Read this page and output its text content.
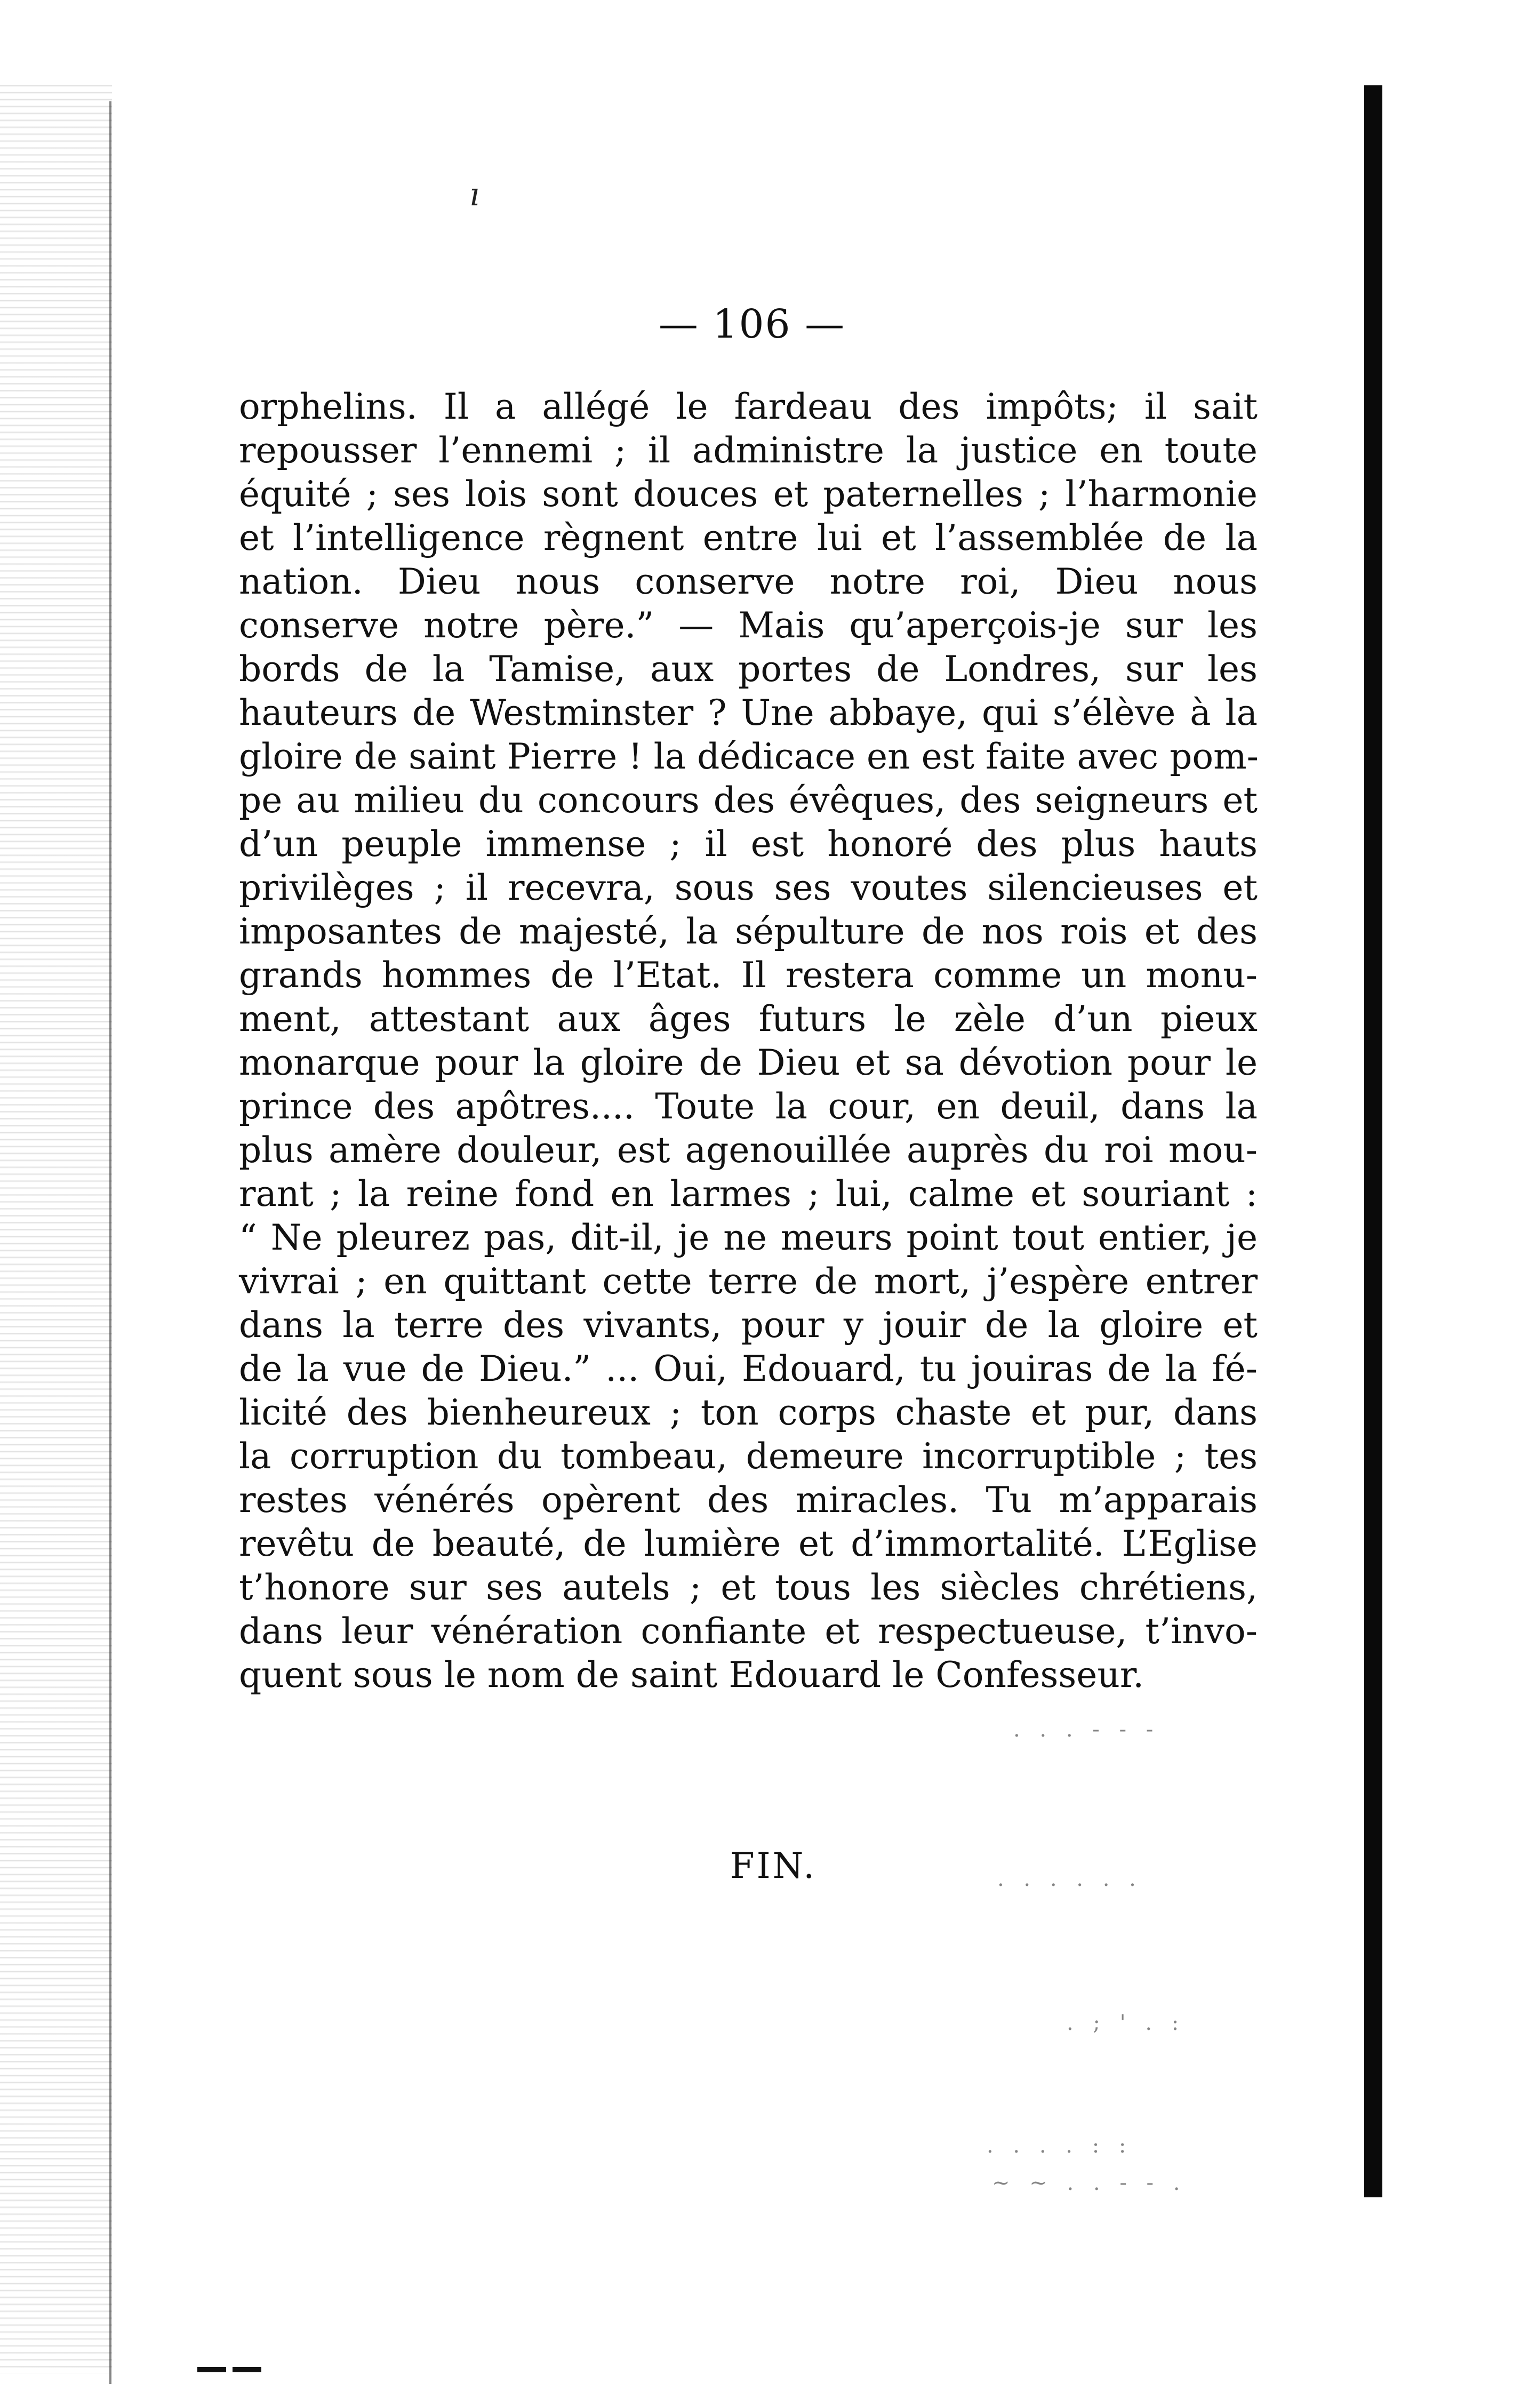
ı
— 106 —
orphelins. Il a allégé le fardeau des impôts; il sait
repousser l’ennemi ; il administre la justice en toute
équité ; ses lois sont douces et paternelles ; l’harmonie
et l’intelligence règnent entre lui et l’assemblée de la
nation. Dieu nous conserve notre roi, Dieu nous
conserve notre père.” — Mais qu’aperçois-je sur les
bords de la Tamise, aux portes de Londres, sur les
hauteurs de Westminster ? Une abbaye, qui s’élève à la
gloire de saint Pierre ! la dédicace en est faite avec pom-
pe au milieu du concours des évêques, des seigneurs et
d’un peuple immense ; il est honoré des plus hauts
privilèges ; il recevra, sous ses voutes silencieuses et
imposantes de majesté, la sépulture de nos rois et des
grands hommes de l’Etat. Il restera comme un monu-
ment, attestant aux âges futurs le zèle d’un pieux
monarque pour la gloire de Dieu et sa dévotion pour le
prince des apôtres.... Toute la cour, en deuil, dans la
plus amère douleur, est agenouillée auprès du roi mou-
rant ; la reine fond en larmes ; lui, calme et souriant :
“ Ne pleurez pas, dit-il, je ne meurs point tout entier, je
vivrai ; en quittant cette terre de mort, j’espère entrer
dans la terre des vivants, pour y jouir de la gloire et
de la vue de Dieu.” ... Oui, Edouard, tu jouiras de la fé-
licité des bienheureux ; ton corps chaste et pur, dans
la corruption du tombeau, demeure incorruptible ; tes
restes vénérés opèrent des miracles. Tu m’apparais
revêtu de beauté, de lumière et d’immortalité. L’Eglise
t’honore sur ses autels ; et tous les siècles chrétiens,
dans leur vénération confiante et respectueuse, t’invo-
quent sous le nom de saint Edouard le Confesseur.
FIN.	. . . . . .
. ; ' . :
. . . . : :
~ ~ . . - - .
. . . - - -
